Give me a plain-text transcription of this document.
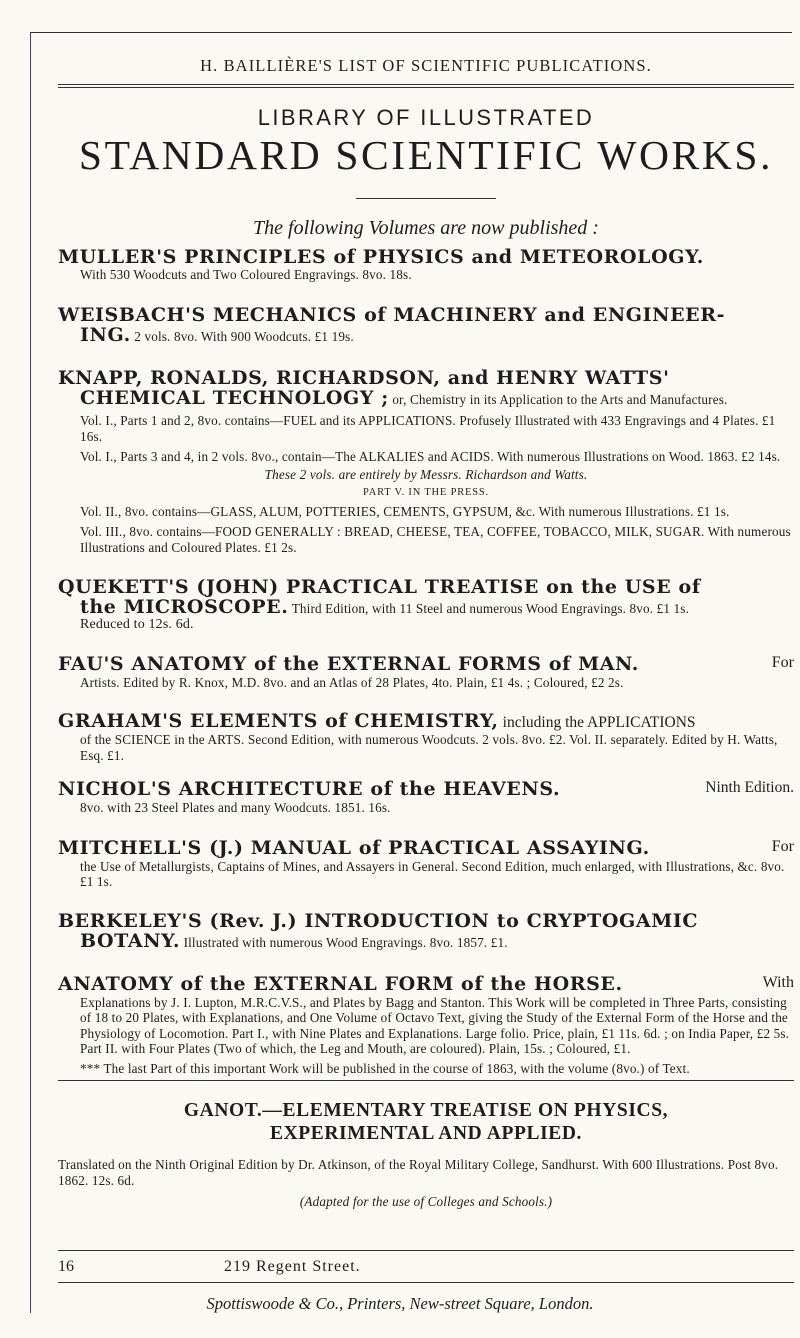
H. BAILLIÈRE'S LIST OF SCIENTIFIC PUBLICATIONS.
LIBRARY OF ILLUSTRATED
STANDARD SCIENTIFIC WORKS.
The following Volumes are now published :
MULLER'S PRINCIPLES of PHYSICS and METEOROLOGY.
With 530 Woodcuts and Two Coloured Engravings. 8vo. 18s.
WEISBACH'S MECHANICS of MACHINERY and ENGINEER-
ING. 2 vols. 8vo. With 900 Woodcuts. £1 19s.
KNAPP, RONALDS, RICHARDSON, and HENRY WATTS'
CHEMICAL TECHNOLOGY ; or, Chemistry in its Application to the Arts and Manufactures.
Vol. I., Parts 1 and 2, 8vo. contains—FUEL and its APPLICATIONS. Profusely Illustrated with 433 Engravings and 4 Plates. £1 16s.
Vol. I., Parts 3 and 4, in 2 vols. 8vo., contain—The ALKALIES and ACIDS. With numerous Illustrations on Wood. 1863. £2 14s.
These 2 vols. are entirely by Messrs. Richardson and Watts.
PART V. IN THE PRESS.
Vol. II., 8vo. contains—GLASS, ALUM, POTTERIES, CEMENTS, GYPSUM, &c. With numerous Illustrations. £1 1s.
Vol. III., 8vo. contains—FOOD GENERALLY : BREAD, CHEESE, TEA, COFFEE, TOBACCO, MILK, SUGAR. With numerous Illustrations and Coloured Plates. £1 2s.
QUEKETT'S (JOHN) PRACTICAL TREATISE on the USE of
the MICROSCOPE. Third Edition, with 11 Steel and numerous Wood Engravings. 8vo. £1 1s.
Reduced to 12s. 6d.
FAU'S ANATOMY of the EXTERNAL FORMS of MAN.	For
Artists. Edited by R. Knox, M.D. 8vo. and an Atlas of 28 Plates, 4to. Plain, £1 4s. ; Coloured, £2 2s.
GRAHAM'S ELEMENTS of CHEMISTRY, including the APPLICATIONS
of the SCIENCE in the ARTS. Second Edition, with numerous Woodcuts. 2 vols. 8vo. £2. Vol. II. separately. Edited by H. Watts, Esq. £1.
NICHOL'S ARCHITECTURE of the HEAVENS.	Ninth Edition.
8vo. with 23 Steel Plates and many Woodcuts. 1851. 16s.
MITCHELL'S (J.) MANUAL of PRACTICAL ASSAYING.	For
the Use of Metallurgists, Captains of Mines, and Assayers in General. Second Edition, much enlarged, with Illustrations, &c. 8vo. £1 1s.
BERKELEY'S (Rev. J.) INTRODUCTION to CRYPTOGAMIC
BOTANY. Illustrated with numerous Wood Engravings. 8vo. 1857. £1.
ANATOMY of the EXTERNAL FORM of the HORSE.	With
Explanations by J. I. Lupton, M.R.C.V.S., and Plates by Bagg and Stanton. This Work will be completed in Three Parts, consisting of 18 to 20 Plates, with Explanations, and One Volume of Octavo Text, giving the Study of the External Form of the Horse and the Physiology of Locomotion. Part I., with Nine Plates and Explanations. Large folio. Price, plain, £1 11s. 6d. ; on India Paper, £2 5s. Part II. with Four Plates (Two of which, the Leg and Mouth, are coloured). Plain, 15s. ; Coloured, £1.
*** The last Part of this important Work will be published in the course of 1863, with the volume (8vo.) of Text.
GANOT.—ELEMENTARY TREATISE ON PHYSICS,
EXPERIMENTAL AND APPLIED.
Translated on the Ninth Original Edition by Dr. Atkinson, of the Royal Military College, Sandhurst. With 600 Illustrations. Post 8vo. 1862. 12s. 6d.
(Adapted for the use of Colleges and Schools.)
16	219 Regent Street.
Spottiswoode & Co., Printers, New-street Square, London.
